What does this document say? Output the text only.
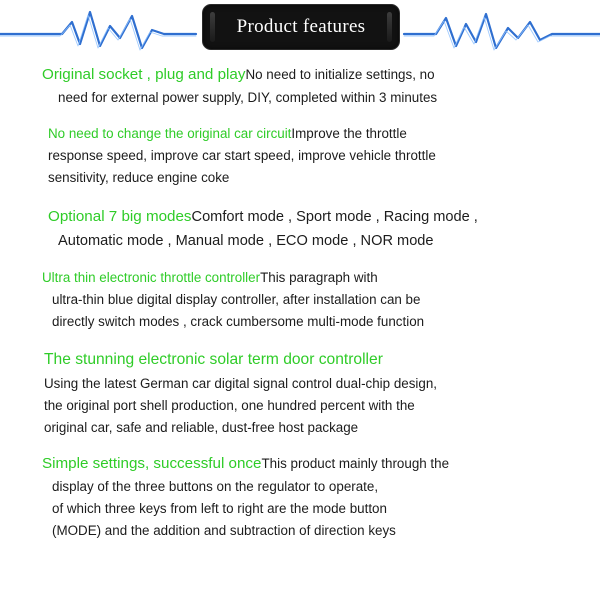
Product features

Original socket , plug and playNo need to initialize settings, no

need for external power supply, DIY, completed within 3 minutes

No need to change the original car circuitImprove the throttle

response speed, improve car start speed, improve vehicle throttle

sensitivity, reduce engine coke

Optional 7 big modesComfort mode , Sport mode , Racing mode ,

Automatic mode , Manual mode , ECO mode , NOR mode

Ultra thin electronic throttle controllerThis paragraph with

ultra-thin blue digital display controller, after installation can be

directly switch modes , crack cumbersome multi-mode function

The stunning electronic solar term door controller

Using the latest German car digital signal control dual-chip design,

the original port shell production, one hundred percent with the

original car, safe and reliable, dust-free host package

Simple settings, successful onceThis product mainly through the

display of the three buttons on the regulator to operate,

of which three keys from left to right are the mode button

(MODE) and the addition and subtraction of direction keys
